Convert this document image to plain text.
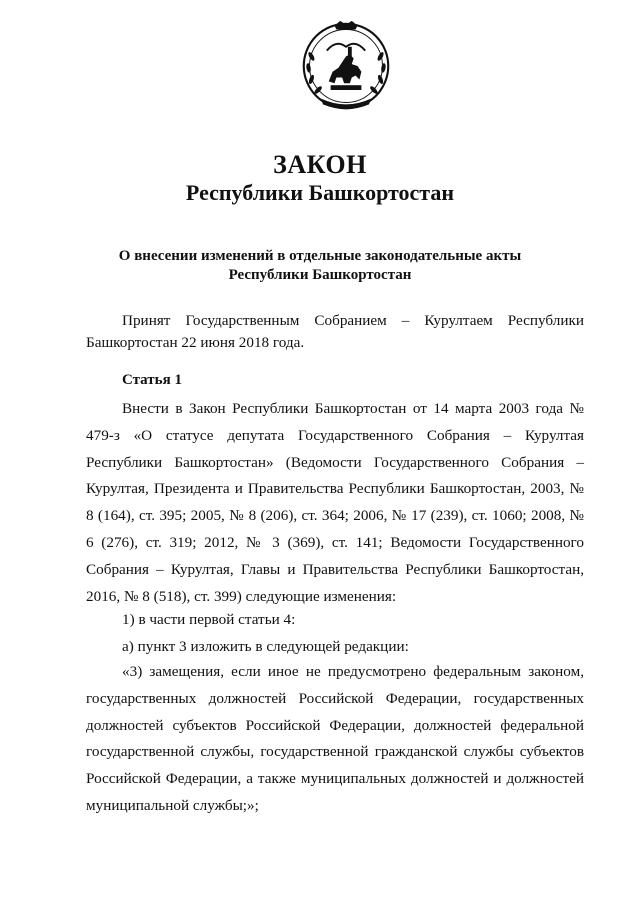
ЗАКОН
Республики Башкортостан

О внесении изменений в отдельные законодательные акты
Республики Башкортостан

Принят Государственным Собранием – Курултаем Республики Башкортостан 22 июня 2018 года.

Статья 1

Внести в Закон Республики Башкортостан от 14 марта 2003 года № 479-з «О статусе депутата Государственного Собрания – Курултая Республики Башкортостан» (Ведомости Государственного Собрания – Курултая, Президента и Правительства Республики Башкортостан, 2003, № 8 (164), ст. 395; 2005, № 8 (206), ст. 364; 2006, № 17 (239), ст. 1060; 2008, № 6 (276), ст. 319; 2012, № 3 (369), ст. 141; Ведомости Государственного Собрания – Курултая, Главы и Правительства Республики Башкортостан, 2016, № 8 (518), ст. 399) следующие изменения:

1) в части первой статьи 4:

а) пункт 3 изложить в следующей редакции:

«3) замещения, если иное не предусмотрено федеральным законом, государственных должностей Российской Федерации, государственных должностей субъектов Российской Федерации, должностей федеральной государственной службы, государственной гражданской службы субъектов Российской Федерации, а также муниципальных должностей и должностей муниципальной службы;»;
